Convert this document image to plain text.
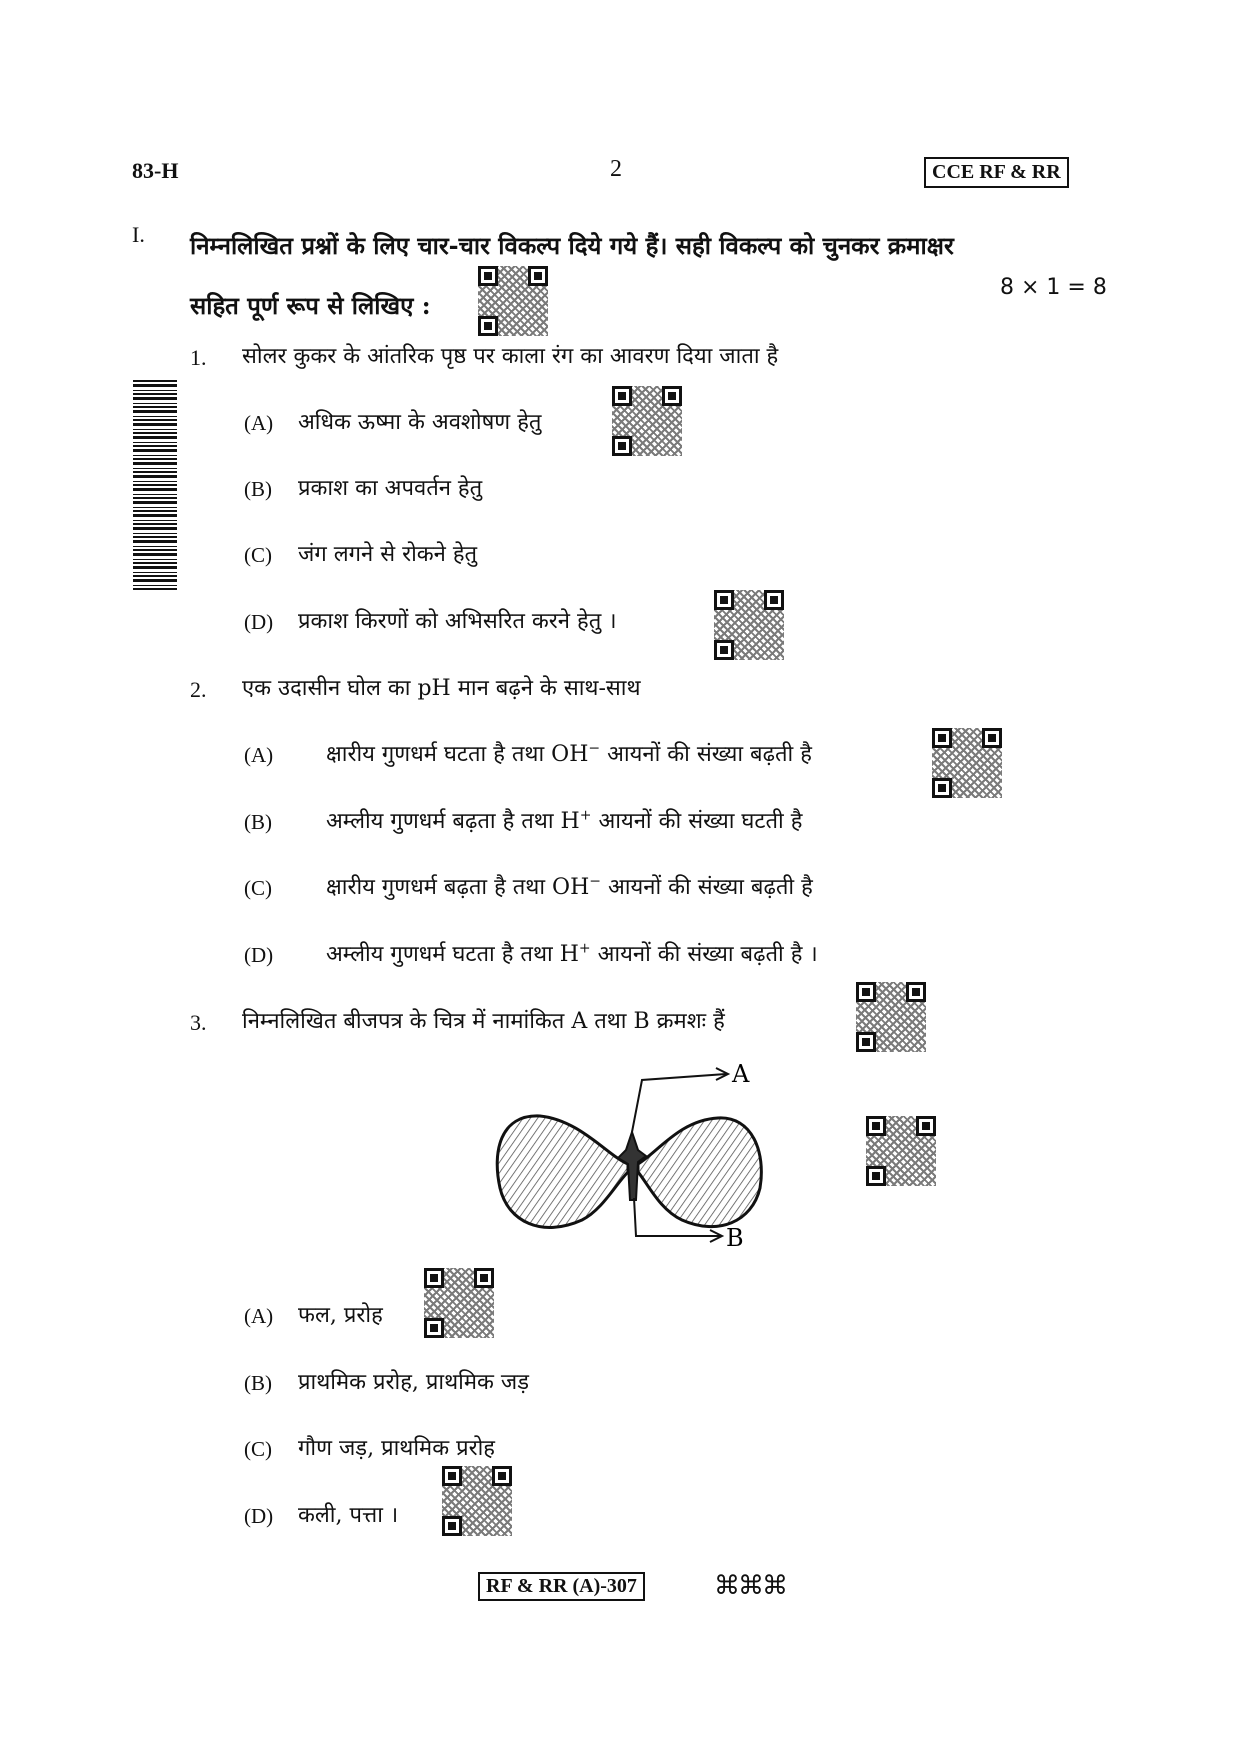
83-H	2	CCE RF & RR
I. निम्नलिखित प्रश्नों के लिए चार-चार विकल्प दिये गये हैं। सही विकल्प को चुनकर क्रमाक्षर
सहित पूर्ण रूप से लिखिए :
8 × 1 = 8
1. सोलर कुकर के आंतरिक पृष्ठ पर काला रंग का आवरण दिया जाता है
(A) अधिक ऊष्मा के अवशोषण हेतु
(B) प्रकाश का अपवर्तन हेतु
(C) जंग लगने से रोकने हेतु
(D) प्रकाश किरणों को अभिसरित करने हेतु ।
2. एक उदासीन घोल का pH मान बढ़ने के साथ-साथ
(A) क्षारीय गुणधर्म घटता है तथा OH− आयनों की संख्या बढ़ती है
(B) अम्लीय गुणधर्म बढ़ता है तथा H+ आयनों की संख्या घटती है
(C) क्षारीय गुणधर्म बढ़ता है तथा OH− आयनों की संख्या बढ़ती है
(D) अम्लीय गुणधर्म घटता है तथा H+ आयनों की संख्या बढ़ती है ।
3. निम्नलिखित बीजपत्र के चित्र में नामांकित A तथा B क्रमशः हैं
A
B
(A) फल, प्ररोह
(B) प्राथमिक प्ररोह, प्राथमिक जड़
(C) गौण जड़, प्राथमिक प्ररोह
(D) कली, पत्ता ।
RF & RR (A)-307	⌘⌘⌘
